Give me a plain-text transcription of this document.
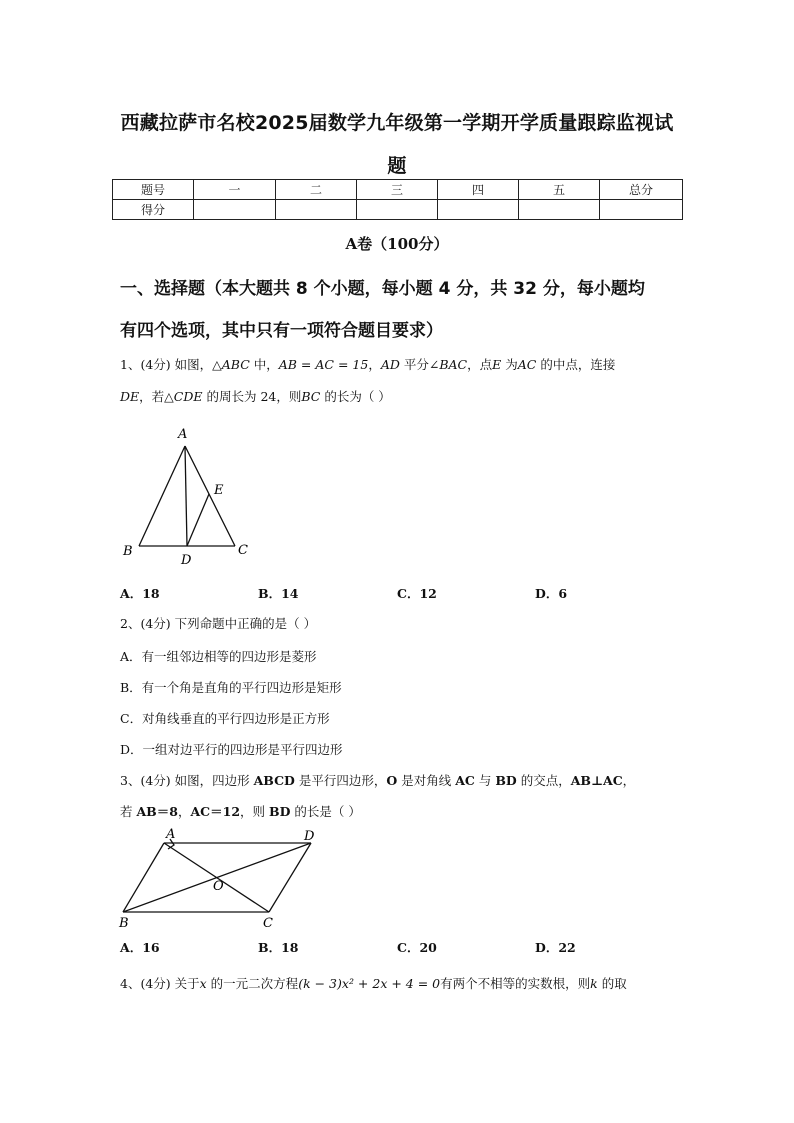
西藏拉萨市名校2025届数学九年级第一学期开学质量跟踪监视试
题
题号	一	二	三	四	五	总分
得分						
A卷（100分）
一、选择题（本大题共 8 个小题，每小题 4 分，共 32 分，每小题均
有四个选项，其中只有一项符合题目要求）
1、(4分) 如图，△ABC 中，AB = AC = 15，AD 平分∠BAC，点E 为AC 的中点，连接
DE，若△CDE 的周长为 24，则BC 的长为（ ）
A
B	C
D
E
A．18	B．14	C．12	D．6
2、(4分) 下列命题中正确的是（ ）
A．有一组邻边相等的四边形是菱形
B．有一个角是直角的平行四边形是矩形
C．对角线垂直的平行四边形是正方形
D．一组对边平行的四边形是平行四边形
3、(4分) 如图，四边形 ABCD 是平行四边形，O 是对角线 AC 与 BD 的交点，AB⊥AC，
若 AB＝8，AC＝12，则 BD 的长是（ ）
A	D
O
B	C
A．16	B．18	C．20	D．22
4、(4分) 关于x 的一元二次方程(k − 3)x² + 2x + 4 = 0有两个不相等的实数根，则k 的取
